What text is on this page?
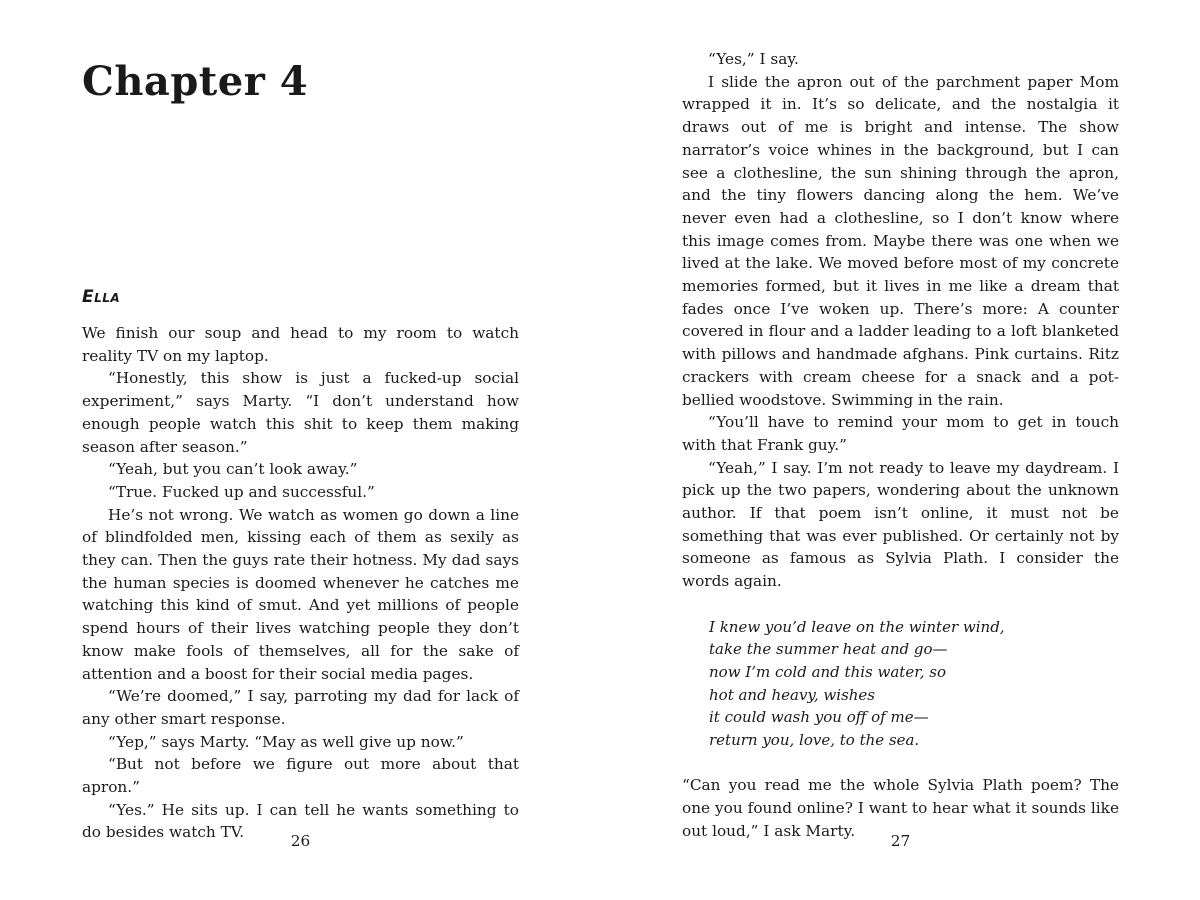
Chapter 4
Ella

We finish our soup and head to my room to watch reality TV on my laptop.

“Honestly, this show is just a fucked-up social experiment,” says Marty. “I don’t understand how enough people watch this shit to keep them making season after season.”

“Yeah, but you can’t look away.”

“True. Fucked up and successful.”

He’s not wrong. We watch as women go down a line of blindfolded men, kissing each of them as sexily as they can. Then the guys rate their hotness. My dad says the human species is doomed whenever he catches me watching this kind of smut. And yet millions of people spend hours of their lives watching people they don’t know make fools of themselves, all for the sake of attention and a boost for their social media pages.

“We’re doomed,” I say, parroting my dad for lack of any other smart response.

“Yep,” says Marty. “May as well give up now.”

“But not before we figure out more about that apron.”

“Yes.” He sits up. I can tell he wants something to do besides watch TV.	26

“Yes,” I say.

I slide the apron out of the parchment paper Mom wrapped it in. It’s so delicate, and the nostalgia it draws out of me is bright and intense. The show narrator’s voice whines in the background, but I can see a clothesline, the sun shining through the apron, and the tiny flowers dancing along the hem. We’ve never even had a clothesline, so I don’t know where this image comes from. Maybe there was one when we lived at the lake. We moved before most of my concrete memories formed, but it lives in me like a dream that fades once I’ve woken up. There’s more: A counter covered in flour and a ladder leading to a loft blanketed with pillows and handmade afghans. Pink curtains. Ritz crackers with cream cheese for a snack and a pot-bellied woodstove. Swimming in the rain.

“You’ll have to remind your mom to get in touch with that Frank guy.”

“Yeah,” I say. I’m not ready to leave my daydream. I pick up the two papers, wondering about the unknown author. If that poem isn’t online, it must not be something that was ever published. Or certainly not by someone as famous as Sylvia Plath. I consider the words again.

I knew you’d leave on the winter wind,
take the summer heat and go—
now I’m cold and this water, so
hot and heavy, wishes
it could wash you off of me—
return you, love, to the sea.

“Can you read me the whole Sylvia Plath poem? The one you found online? I want to hear what it sounds like out loud,” I ask Marty.

27
